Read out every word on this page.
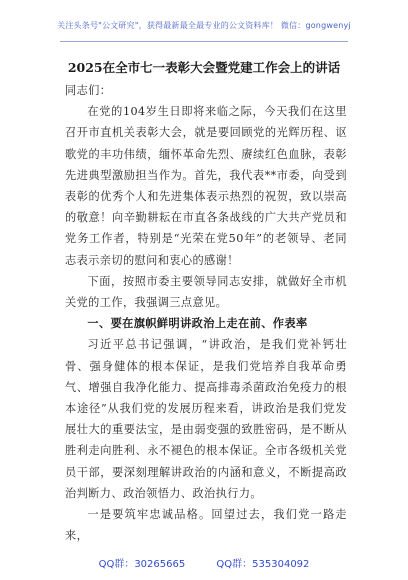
关注头条号"公文研究"，获得最新最全最专业的公文资料库！ 微信：gongwenyj
2025在全市七一表彰大会暨党建工作会上的讲话

同志们：

在党的104岁生日即将来临之际，今天我们在这里召开市直机关表彰大会，就是要回顾党的光辉历程、讴歌党的丰功伟绩，缅怀革命先烈、赓续红色血脉，表彰先进典型激励担当作为。首先，我代表**市委，向受到表彰的优秀个人和先进集体表示热烈的祝贺，致以崇高的敬意！向辛勤耕耘在市直各条战线的广大共产党员和党务工作者，特别是“光荣在党50年”的老领导、老同志表示亲切的慰问和衷心的感谢！

下面，按照市委主要领导同志安排，就做好全市机关党的工作，我强调三点意见。

一、要在旗帜鲜明讲政治上走在前、作表率

习近平总书记强调，“讲政治，是我们党补钙壮骨、强身健体的根本保证，是我们党培养自我革命勇气、增强自我净化能力、提高排毒杀菌政治免疫力的根本途径”从我们党的发展历程来看，讲政治是我们党发展壮大的重要法宝，是由弱变强的致胜密码，是不断从胜利走向胜利、永不褪色的根本保证。全市各级机关党员干部，要深刻理解讲政治的内涵和意义，不断提高政治判断力、政治领悟力、政治执行力。

一是要筑牢忠诚品格。回望过去，我们党一路走来，

QQ群：30265665	QQ群：535304092
